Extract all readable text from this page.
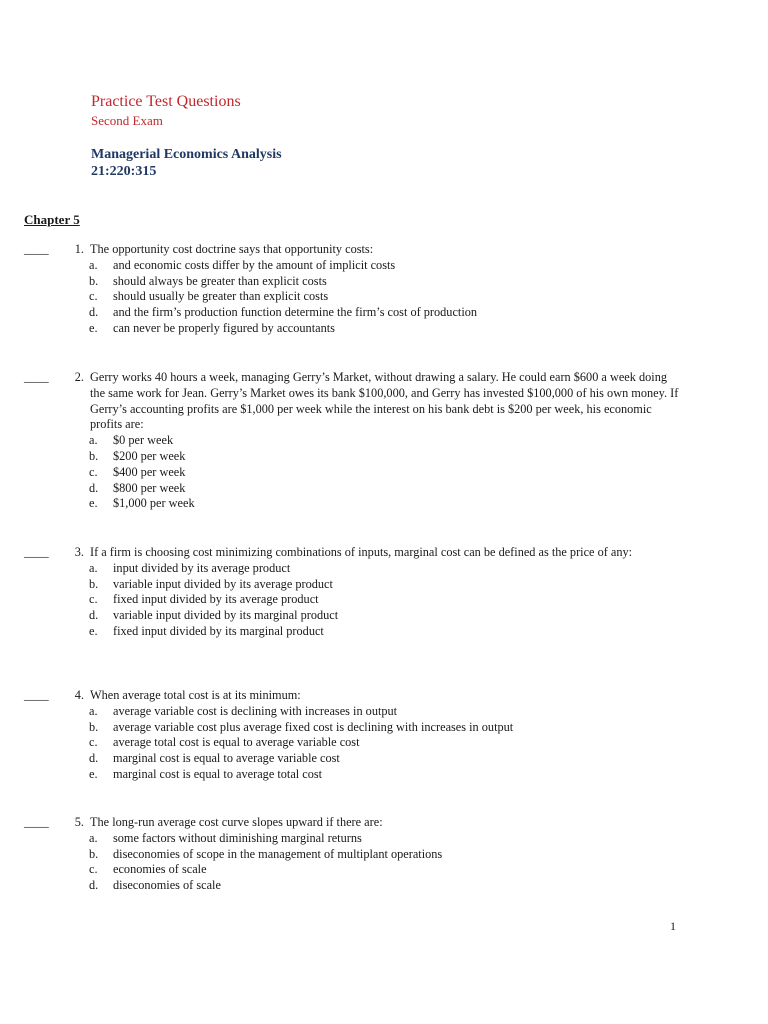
Practice Test Questions
Second Exam
Managerial Economics Analysis
21:220:315
Chapter 5
____	1. The opportunity cost doctrine says that opportunity costs:
a. and economic costs differ by the amount of implicit costs
b. should always be greater than explicit costs
c. should usually be greater than explicit costs
d. and the firm’s production function determine the firm’s cost of production
e. can never be properly figured by accountants
____	2. Gerry works 40 hours a week, managing Gerry’s Market, without drawing a salary. He could earn $600 a week doing the same work for Jean. Gerry’s Market owes its bank $100,000, and Gerry has invested $100,000 of his own money. If Gerry’s accounting profits are $1,000 per week while the interest on his bank debt is $200 per week, his economic profits are:
a. $0 per week
b. $200 per week
c. $400 per week
d. $800 per week
e. $1,000 per week
____	3. If a firm is choosing cost minimizing combinations of inputs, marginal cost can be defined as the price of any:
a. input divided by its average product
b. variable input divided by its average product
c. fixed input divided by its average product
d. variable input divided by its marginal product
e. fixed input divided by its marginal product
____	4. When average total cost is at its minimum:
a. average variable cost is declining with increases in output
b. average variable cost plus average fixed cost is declining with increases in output
c. average total cost is equal to average variable cost
d. marginal cost is equal to average variable cost
e. marginal cost is equal to average total cost
____	5. The long-run average cost curve slopes upward if there are:
a. some factors without diminishing marginal returns
b. diseconomies of scope in the management of multiplant operations
c. economies of scale
d. diseconomies of scale
1
